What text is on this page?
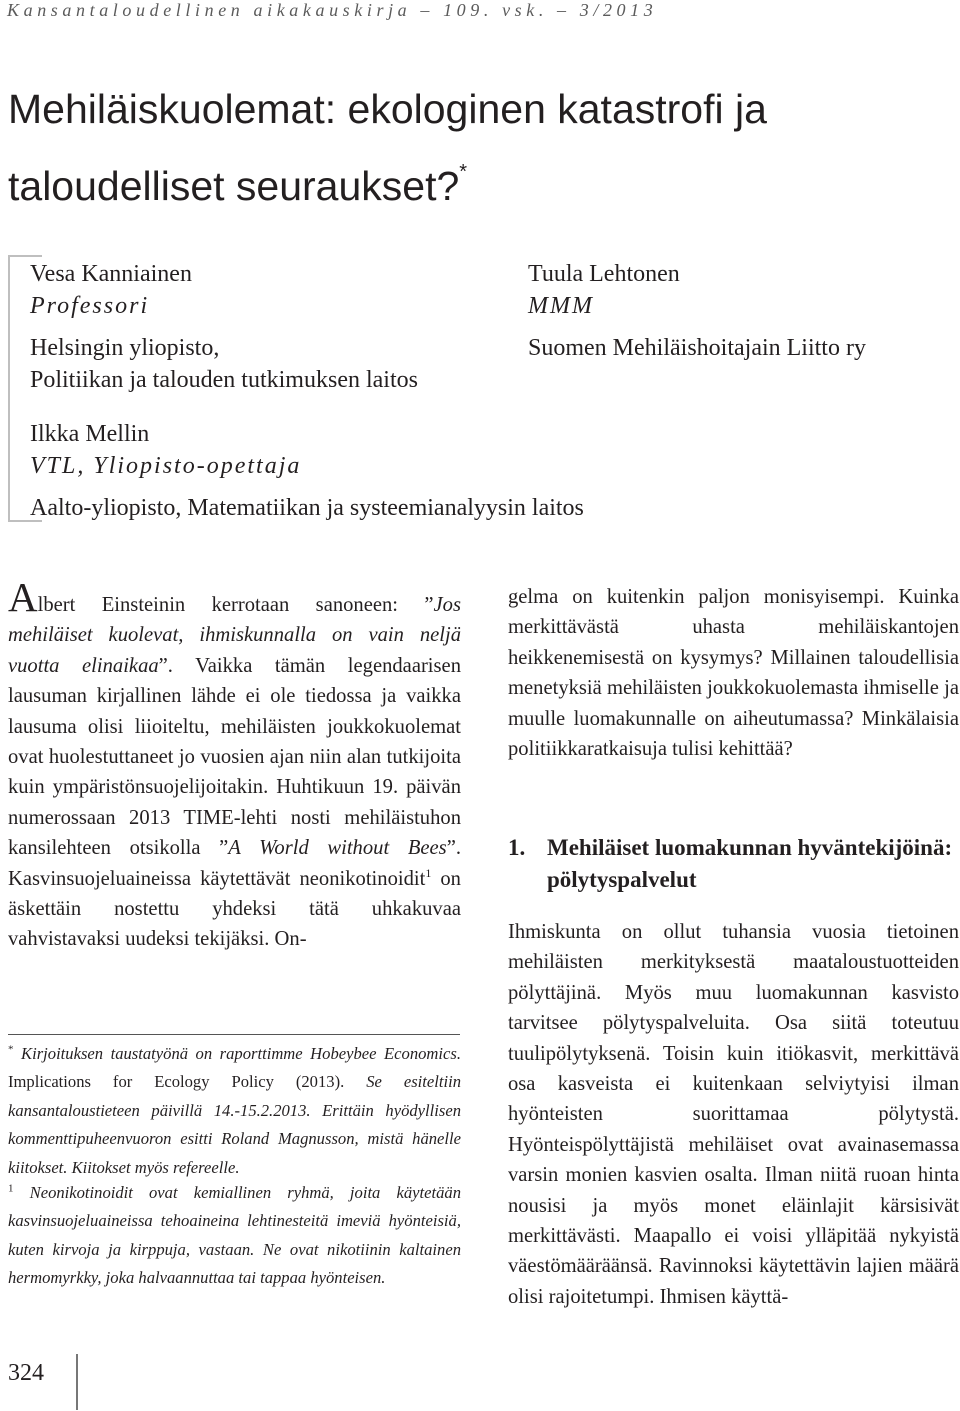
Kansantaloudellinen aikakauskirja – 109. vsk. – 3/2013
Mehiläiskuolemat: ekologinen katastrofi ja
taloudelliset seuraukset?*
Vesa Kanniainen
Professori
Helsingin yliopisto,
Politiikan ja talouden tutkimuksen laitos
Tuula Lehtonen
MMM
Suomen Mehiläishoitajain Liitto ry
Ilkka Mellin
VTL, Yliopisto-opettaja
Aalto-yliopisto, Matematiikan ja systeemianalyysin laitos

Albert Einsteinin kerrotaan sanoneen: ”Jos mehiläiset kuolevat, ihmiskunnalla on vain neljä vuotta elinaikaa”. Vaikka tämän legendaarisen lausuman kirjallinen lähde ei ole tiedossa ja vaikka lausuma olisi liioiteltu, mehiläisten joukkokuolemat ovat huolestuttaneet jo vuosien ajan niin alan tutkijoita kuin ympäristönsuojelijoitakin. Huhtikuun 19. päivän numerossaan 2013 TIME-lehti nosti mehiläistuhon kansilehteen otsikolla ”A World without Bees”. Kasvinsuojeluaineissa käytettävät neonikotinoidit$^1$ on äskettäin nostettu yhdeksi tätä uhkakuvaa vahvistavaksi uudeksi tekijäksi. On-

gelma on kuitenkin paljon monisyisempi. Kuinka merkittävästä uhasta mehiläiskantojen heikkenemisestä on kysymys? Millainen taloudellisia menetyksiä mehiläisten joukkokuolemasta ihmiselle ja muulle luomakunnalle on aiheutumassa? Minkälaisia politiikkaratkaisuja tulisi kehittää?

1. Mehiläiset luomakunnan hyväntekijöinä: pölytyspalvelut

Ihmiskunta on ollut tuhansia vuosia tietoinen mehiläisten merkityksestä maataloustuotteiden pölyttäjinä. Myös muu luomakunnan kasvisto tarvitsee pölytyspalveluita. Osa siitä toteutuu tuulipölytyksenä. Toisin kuin itiökasvit, merkittävä osa kasveista ei kuitenkaan selviytyisi ilman hyönteisten suorittamaa pölytystä. Hyönteispölyttäjistä mehiläiset ovat avainasemassa varsin monien kasvien osalta. Ilman niitä ruoan hinta nousisi ja myös monet eläinlajit kärsisivät merkittävästi. Maapallo ei voisi ylläpitää nykyistä väestömääräänsä. Ravinnoksi käytettävin lajien määrä olisi rajoitetumpi. Ihmisen käyttä-

* Kirjoituksen taustatyönä on raporttimme Hobeybee Economics. Implications for Ecology Policy (2013). Se esiteltiin kansantaloustieteen päivillä 14.-15.2.2013. Erittäin hyödyllisen kommenttipuheenvuoron esitti Roland Magnusson, mistä hänelle kiitokset. Kiitokset myös refereelle.
$^1$ Neonikotinoidit ovat kemiallinen ryhmä, joita käytetään kasvinsuojeluaineissa tehoaineina lehtinesteitä imeviä hyönteisiä, kuten kirvoja ja kirppuja, vastaan. Ne ovat nikotiinin kaltainen hermomyrkky, joka halvaannuttaa tai tappaa hyönteisen.
324
